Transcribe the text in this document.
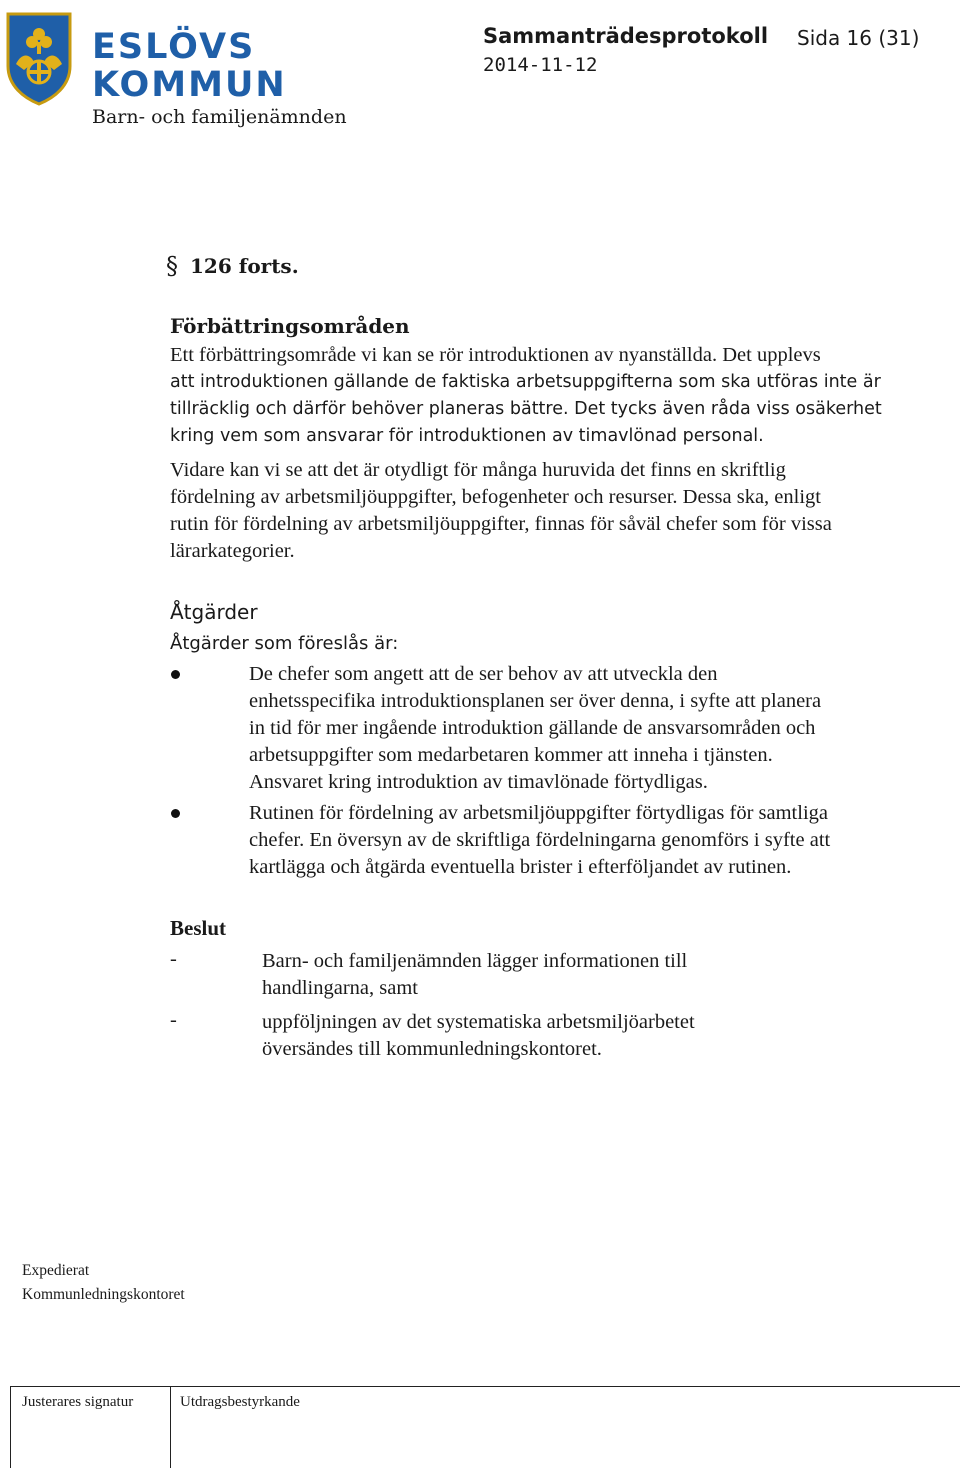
ESLÖVS
KOMMUN
Barn- och familjenämnden
Sammanträdesprotokoll Sida 16 (31)
2014-11-12
§ 126 forts.
Förbättringsområden
Ett förbättringsområde vi kan se rör introduktionen av nyanställda. Det upplevs
att introduktionen gällande de faktiska arbetsuppgifterna som ska utföras inte är
tillräcklig och därför behöver planeras bättre. Det tycks även råda viss osäkerhet
kring vem som ansvarar för introduktionen av timavlönad personal.
Vidare kan vi se att det är otydligt för många huruvida det finns en skriftlig
fördelning av arbetsmiljöuppgifter, befogenheter och resurser. Dessa ska, enligt
rutin för fördelning av arbetsmiljöuppgifter, finnas för såväl chefer som för vissa
lärarkategorier.
Åtgärder
Åtgärder som föreslås är:
De chefer som angett att de ser behov av att utveckla den
enhetsspecifika introduktionsplanen ser över denna, i syfte att planera
in tid för mer ingående introduktion gällande de ansvarsområden och
arbetsuppgifter som medarbetaren kommer att inneha i tjänsten.
Ansvaret kring introduktion av timavlönade förtydligas.
Rutinen för fördelning av arbetsmiljöuppgifter förtydligas för samtliga
chefer. En översyn av de skriftliga fördelningarna genomförs i syfte att
kartlägga och åtgärda eventuella brister i efterföljandet av rutinen.
Beslut
-	Barn- och familjenämnden lägger informationen till
handlingarna, samt
-	uppföljningen av det systematiska arbetsmiljöarbetet
översändes till kommunledningskontoret.
Expedierat
Kommunledningskontoret
Justerares signatur	Utdragsbestyrkande
